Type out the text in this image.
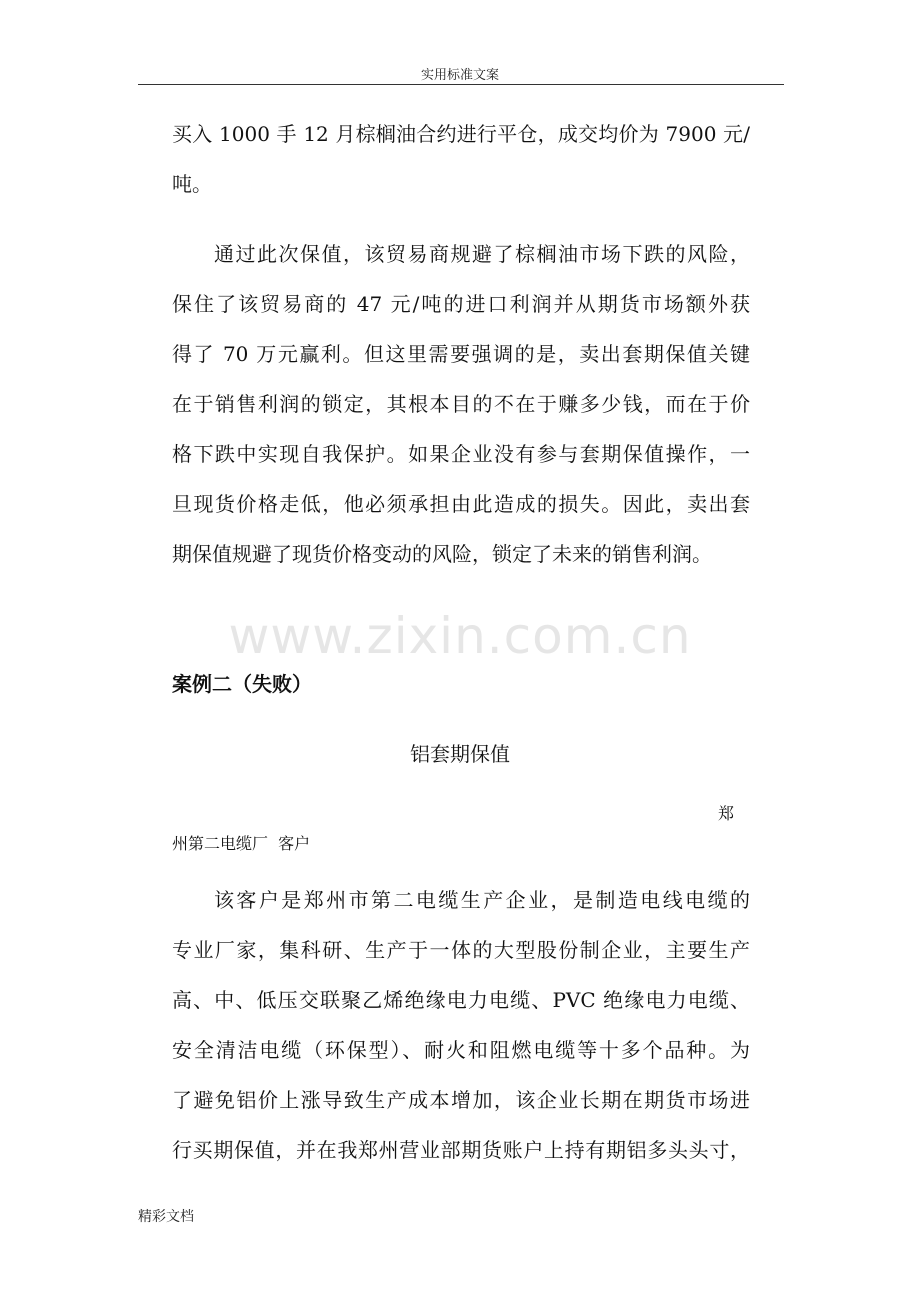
实用标准文案
www.zixin.com.cn
买入 1000 手 12 月棕榈油合约进行平仓，成交均价为 7900 元/
吨。
通过此次保值，该贸易商规避了棕榈油市场下跌的风险，
保住了该贸易商的 47 元/吨的进口利润并从期货市场额外获
得了 70 万元赢利。但这里需要强调的是，卖出套期保值关键
在于销售利润的锁定，其根本目的不在于赚多少钱，而在于价
格下跌中实现自我保护。如果企业没有参与套期保值操作，一
旦现货价格走低，他必须承担由此造成的损失。因此，卖出套
期保值规避了现货价格变动的风险，锁定了未来的销售利润。
该客户是郑州市第二电缆生产企业，是制造电线电缆的
专业厂家，集科研、生产于一体的大型股份制企业，主要生产
高、中、低压交联聚乙烯绝缘电力电缆、PVC 绝缘电力电缆、
安全清洁电缆（环保型）、耐火和阻燃电缆等十多个品种。为
了避免铝价上涨导致生产成本增加，该企业长期在期货市场进
行买期保值，并在我郑州营业部期货账户上持有期铝多头头寸，
案例二（失败）
铝套期保值
郑
州第二电缆厂  客户
精彩文档
